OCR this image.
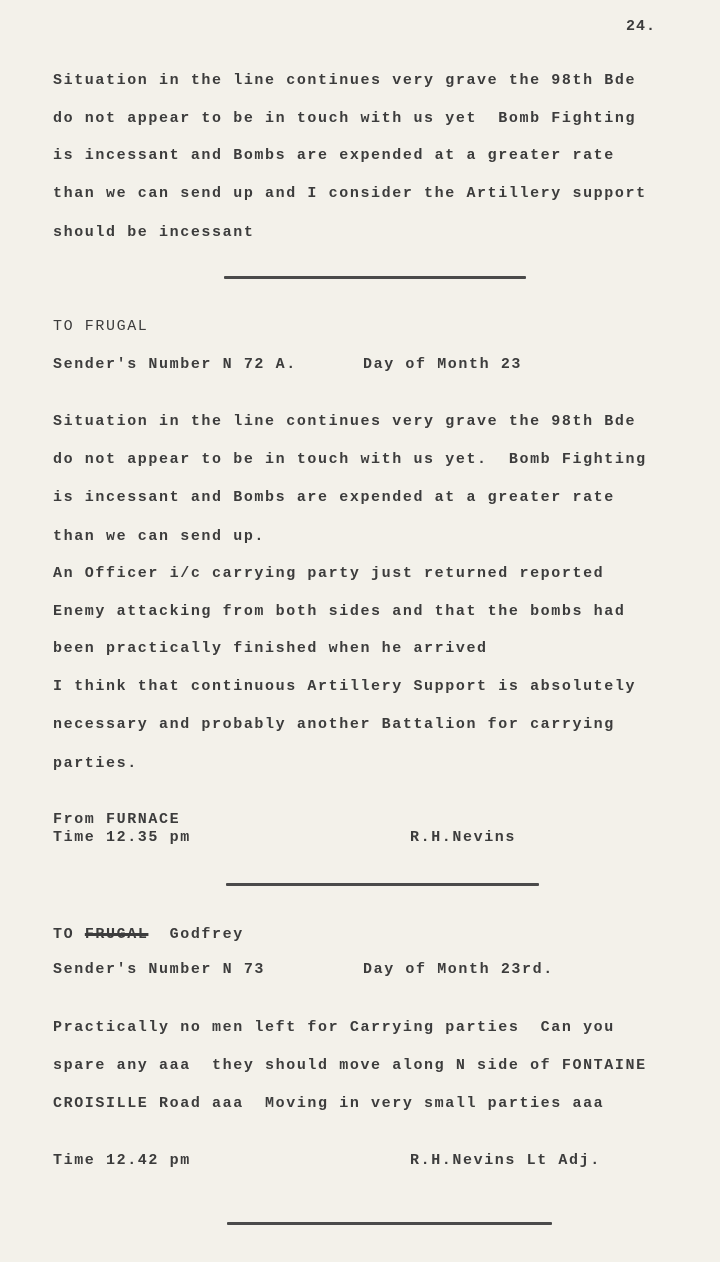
24.
Situation in the line continues very grave the 98th Bde
do not appear to be in touch with us yet  Bomb Fighting
is incessant and Bombs are expended at a greater rate
than we can send up and I consider the Artillery support
should be incessant
TO FRUGAL
Sender's Number N 72 A.	Day of Month 23
Situation in the line continues very grave the 98th Bde
do not appear to be in touch with us yet.  Bomb Fighting
is incessant and Bombs are expended at a greater rate
than we can send up.
An Officer i/c carrying party just returned reported
Enemy attacking from both sides and that the bombs had
been practically finished when he arrived
I think that continuous Artillery Support is absolutely
necessary and probably another Battalion for carrying
parties.
From FURNACE
Time 12.35 pm	R.H.Nevins
TO FRUGAL Godfrey
Sender's Number N 73	Day of Month 23rd.
Practically no men left for Carrying parties  Can you
spare any aaa  they should move along N side of FONTAINE
CROISILLE Road aaa  Moving in very small parties aaa
Time 12.42 pm	R.H.Nevins Lt Adj.
